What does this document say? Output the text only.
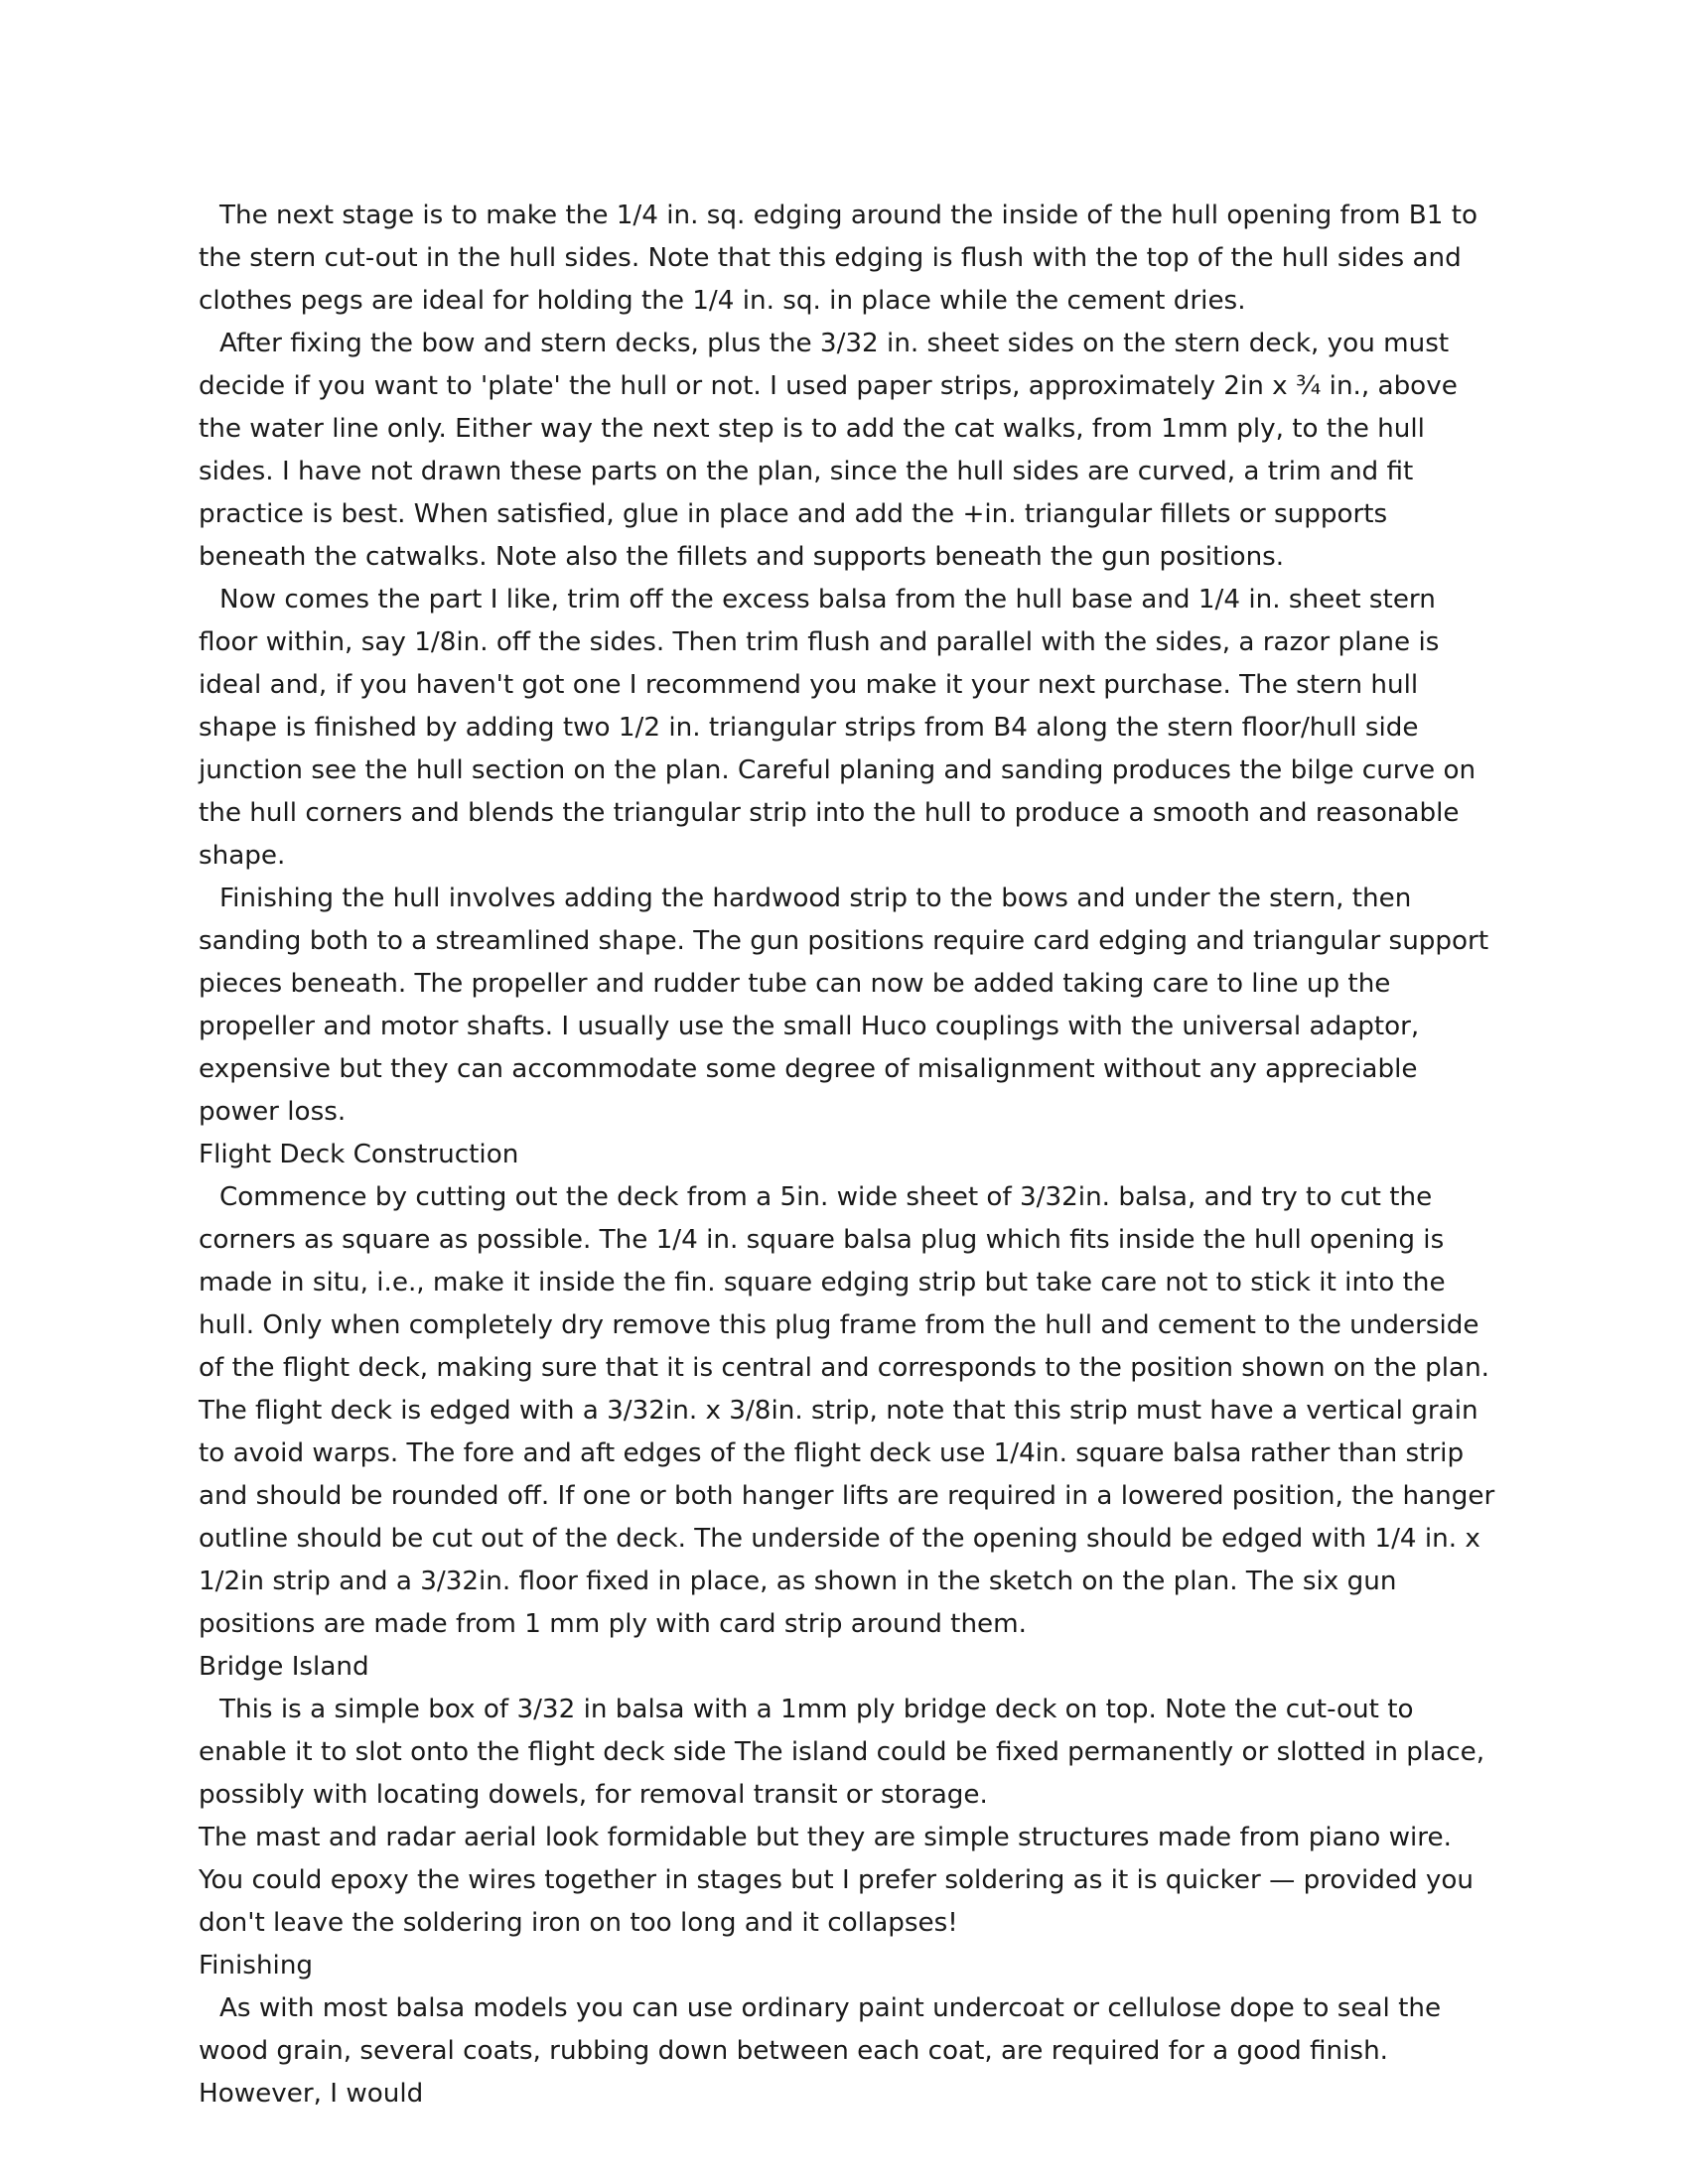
The next stage is to make the 1/4 in. sq. edging around the inside of the hull opening from B1 to the stern cut-out in the hull sides. Note that this edging is flush with the top of the hull sides and clothes pegs are ideal for holding the 1/4 in. sq. in place while the cement dries.

After fixing the bow and stern decks, plus the 3/32 in. sheet sides on the stern deck, you must decide if you want to 'plate' the hull or not. I used paper strips, approximately 2in x ¾ in., above the water line only. Either way the next step is to add the cat walks, from 1mm ply, to the hull sides. I have not drawn these parts on the plan, since the hull sides are curved, a trim and fit practice is best. When satisfied, glue in place and add the +in. triangular fillets or supports beneath the catwalks. Note also the fillets and supports beneath the gun positions.

Now comes the part I like, trim off the excess balsa from the hull base and 1/4 in. sheet stern floor within, say 1/8in. off the sides. Then trim flush and parallel with the sides, a razor plane is ideal and, if you haven't got one I recommend you make it your next purchase. The stern hull shape is finished by adding two 1/2 in. triangular strips from B4 along the stern floor/hull side junction see the hull section on the plan. Careful planing and sanding produces the bilge curve on the hull corners and blends the triangular strip into the hull to produce a smooth and reasonable shape.

Finishing the hull involves adding the hardwood strip to the bows and under the stern, then sanding both to a streamlined shape. The gun positions require card edging and triangular support pieces beneath. The propeller and rudder tube can now be added taking care to line up the propeller and motor shafts. I usually use the small Huco couplings with the universal adaptor, expensive but they can accommodate some degree of misalignment without any appreciable power loss.

Flight Deck Construction

Commence by cutting out the deck from a 5in. wide sheet of 3/32in. balsa, and try to cut the corners as square as possible. The 1/4 in. square balsa plug which fits inside the hull opening is made in situ, i.e., make it inside the fin. square edging strip but take care not to stick it into the hull. Only when completely dry remove this plug frame from the hull and cement to the underside of the flight deck, making sure that it is central and corresponds to the position shown on the plan. The flight deck is edged with a 3/32in. x 3/8in. strip, note that this strip must have a vertical grain to avoid warps. The fore and aft edges of the flight deck use 1/4in. square balsa rather than strip and should be rounded off. If one or both hanger lifts are required in a lowered position, the hanger outline should be cut out of the deck. The underside of the opening should be edged with 1/4 in. x 1/2in strip and a 3/32in. floor fixed in place, as shown in the sketch on the plan. The six gun positions are made from 1 mm ply with card strip around them.

Bridge Island

This is a simple box of 3/32 in balsa with a 1mm ply bridge deck on top. Note the cut-out to enable it to slot onto the flight deck side The island could be fixed permanently or slotted in place, possibly with locating dowels, for removal transit or storage.

The mast and radar aerial look formidable but they are simple structures made from piano wire. You could epoxy the wires together in stages but I prefer soldering as it is quicker — provided you don't leave the soldering iron on too long and it collapses!

Finishing

As with most balsa models you can use ordinary paint undercoat or cellulose dope to seal the wood grain, several coats, rubbing down between each coat, are required for a good finish. However, I would
